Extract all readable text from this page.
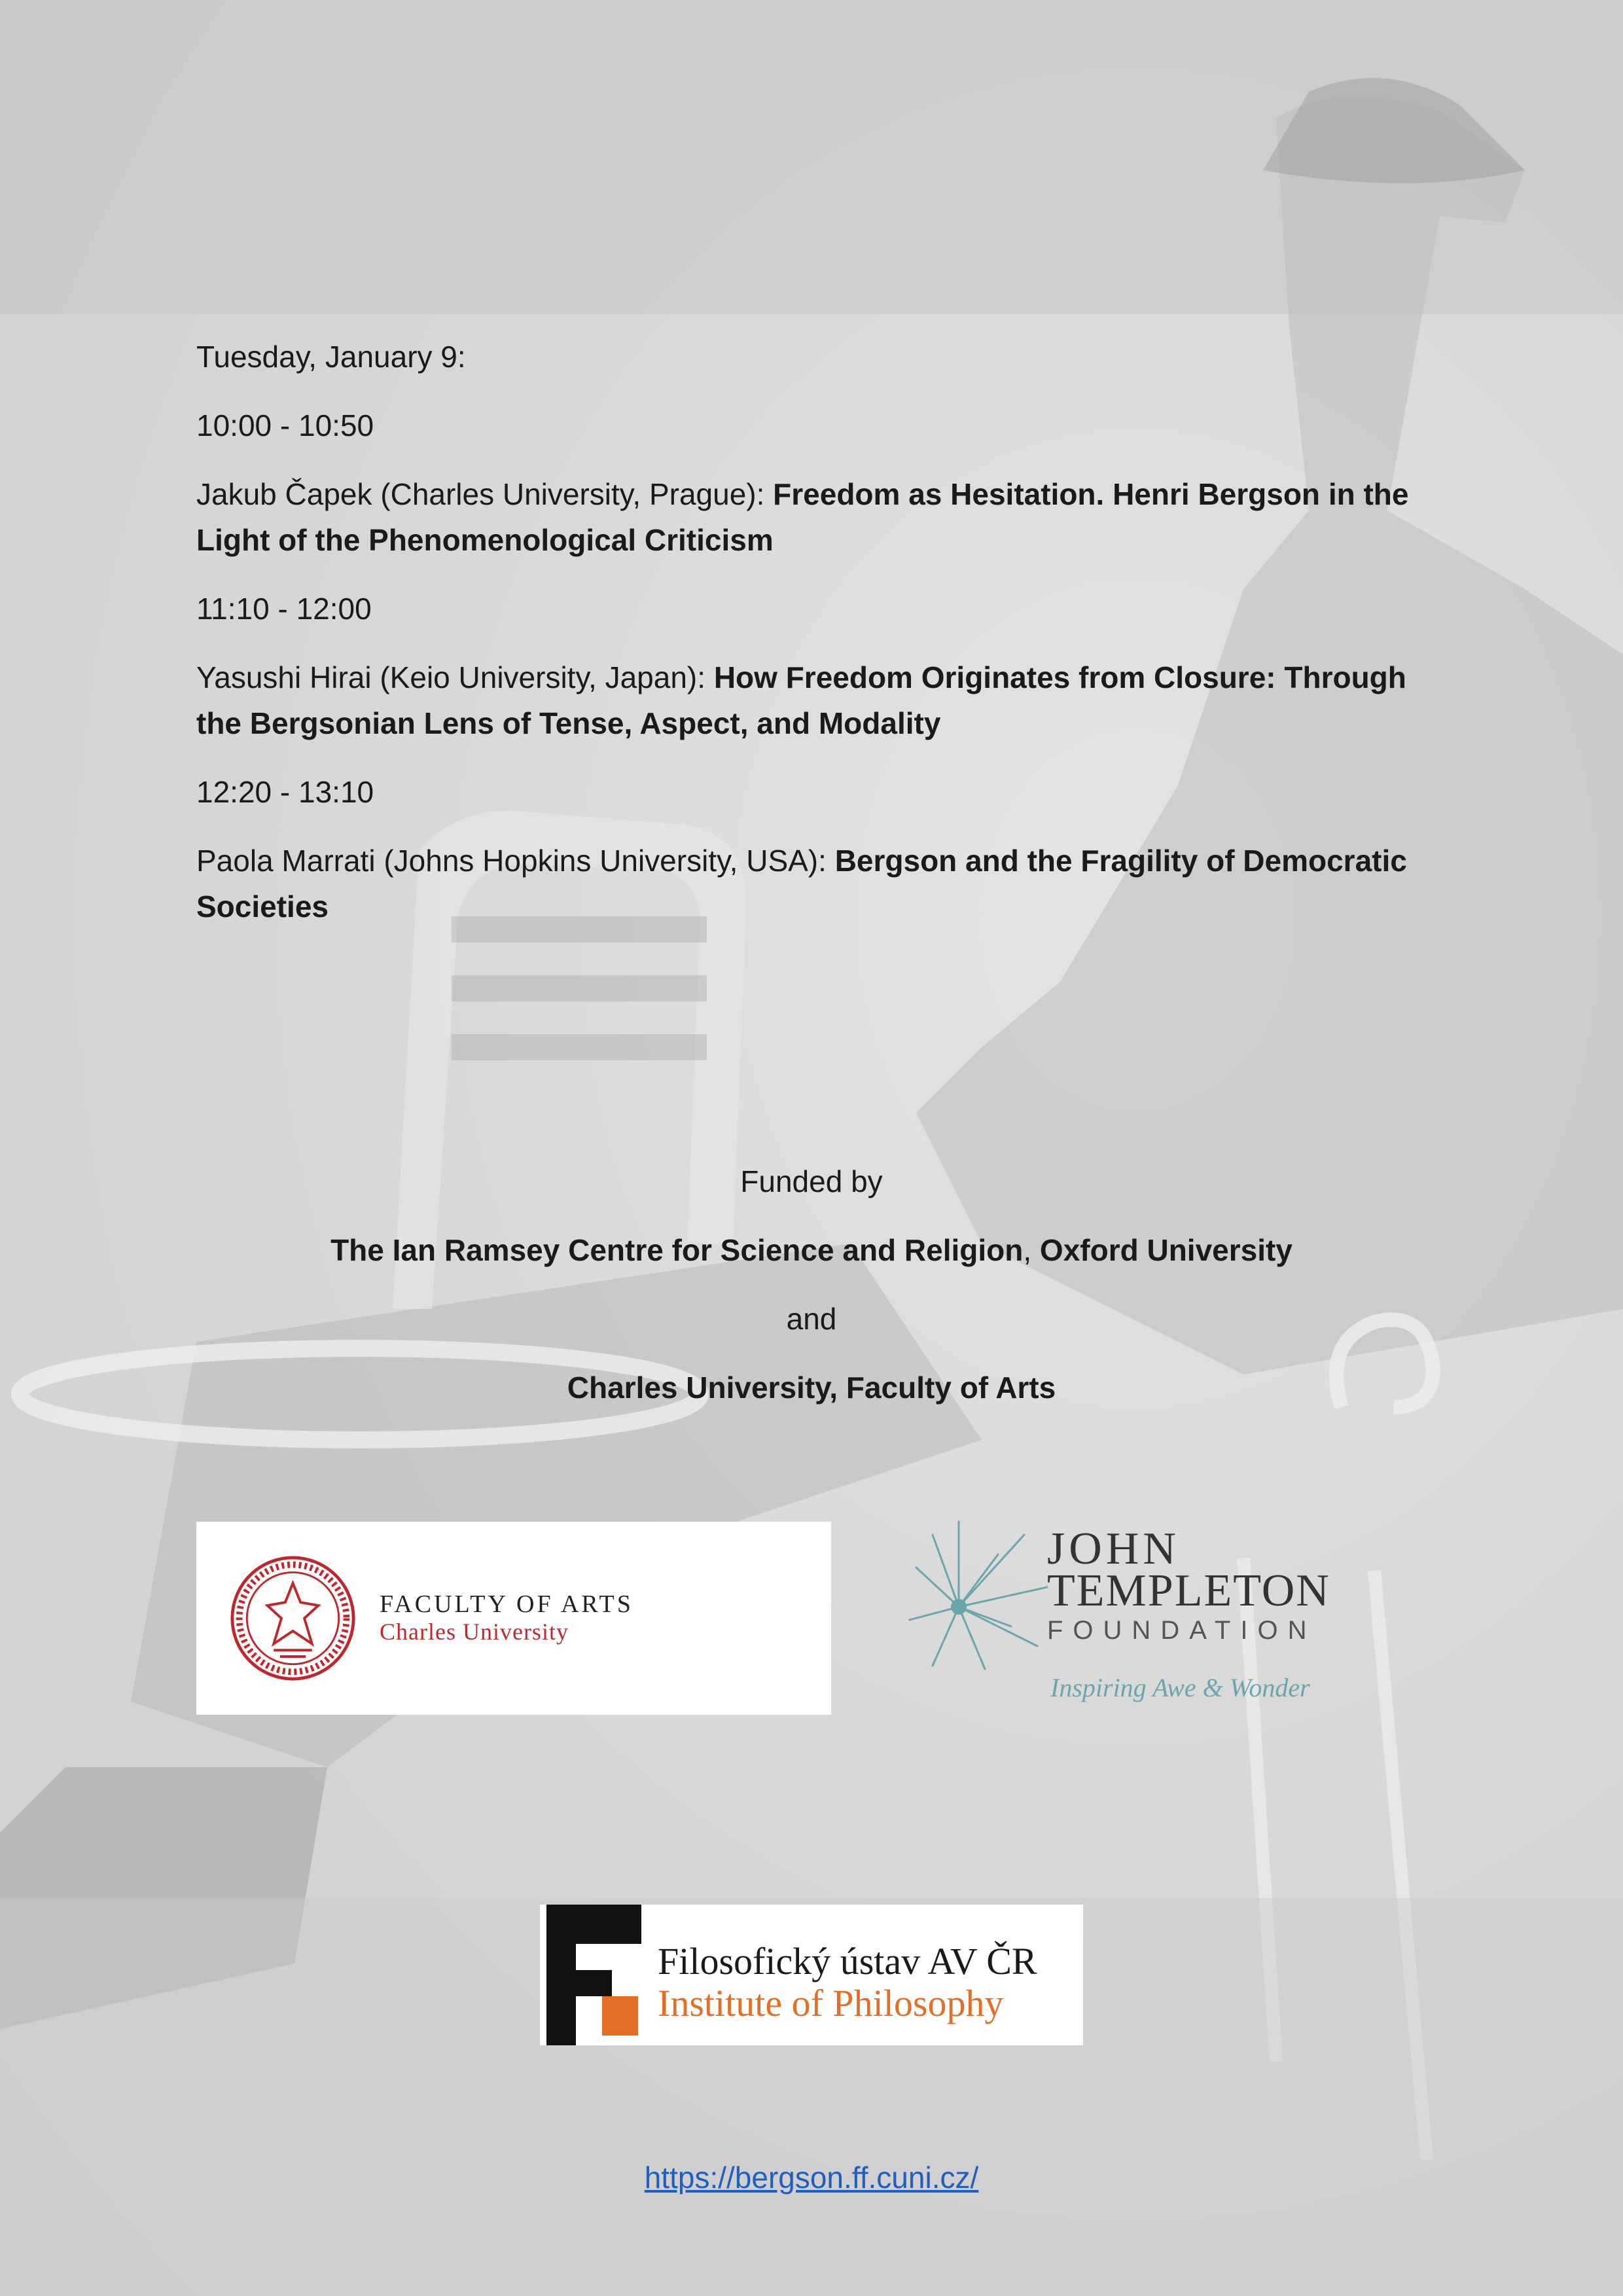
Tuesday, January 9:

10:00 - 10:50

Jakub Čapek (Charles University, Prague): Freedom as Hesitation. Henri Bergson in the Light of the Phenomenological Criticism

11:10 - 12:00

Yasushi Hirai (Keio University, Japan): How Freedom Originates from Closure: Through the Bergsonian Lens of Tense, Aspect, and Modality

12:20 - 13:10

Paola Marrati (Johns Hopkins University, USA): Bergson and the Fragility of Democratic Societies

Funded by

The Ian Ramsey Centre for Science and Religion, Oxford University

and

Charles University, Faculty of Arts

FACULTY OF ARTS
Charles University
JOHN
TEMPLETON
FOUNDATION
Inspiring Awe & Wonder
Filosofický ústav AV ČR
Institute of Philosophy
https://bergson.ff.cuni.cz/
